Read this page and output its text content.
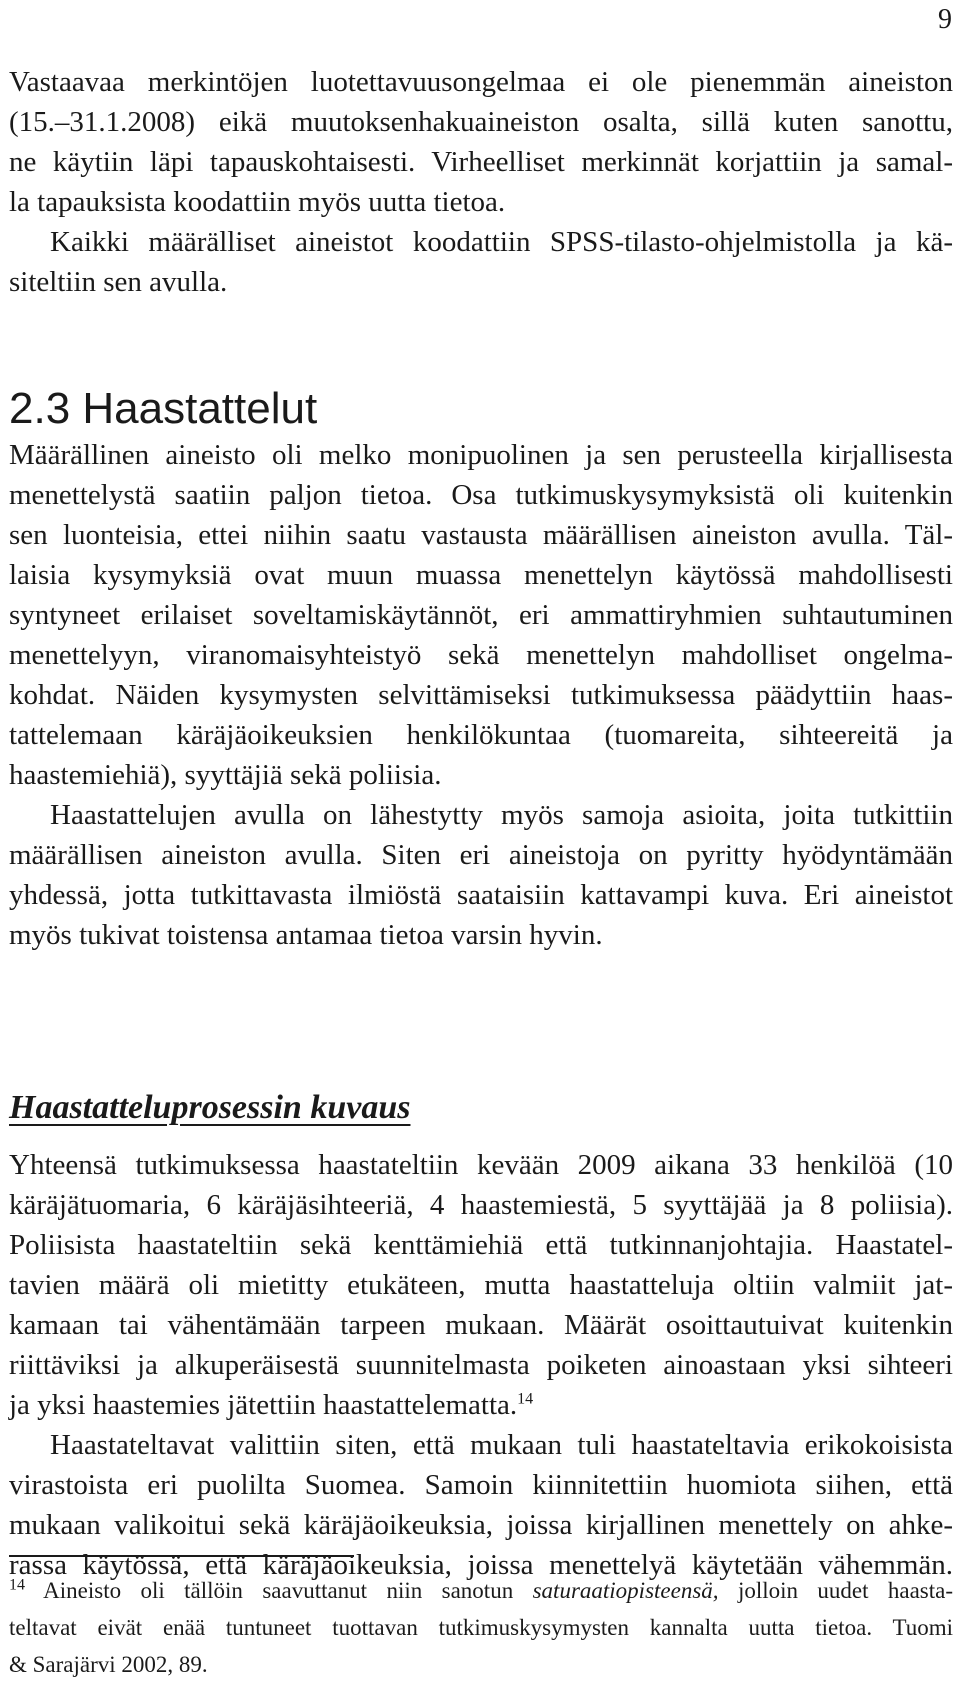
9
Vastaavaa merkintöjen luotettavuusongelmaa ei ole pienemmän aineiston
(15.–31.1.2008) eikä muutoksenhakuaineiston osalta, sillä kuten sanottu,
ne käytiin läpi tapauskohtaisesti. Virheelliset merkinnät korjattiin ja samal-
la tapauksista koodattiin myös uutta tietoa.
Kaikki määrälliset aineistot koodattiin SPSS-tilasto-ohjelmistolla ja kä-
siteltiin sen avulla.
2.3 Haastattelut
Määrällinen aineisto oli melko monipuolinen ja sen perusteella kirjallisesta
menettelystä saatiin paljon tietoa. Osa tutkimuskysymyksistä oli kuitenkin
sen luonteisia, ettei niihin saatu vastausta määrällisen aineiston avulla. Täl-
laisia kysymyksiä ovat muun muassa menettelyn käytössä mahdollisesti
syntyneet erilaiset soveltamiskäytännöt, eri ammattiryhmien suhtautuminen
menettelyyn, viranomaisyhteistyö sekä menettelyn mahdolliset ongelma-
kohdat. Näiden kysymysten selvittämiseksi tutkimuksessa päädyttiin haas-
tattelemaan käräjäoikeuksien henkilökuntaa (tuomareita, sihteereitä ja
haastemiehiä), syyttäjiä sekä poliisia.
Haastattelujen avulla on lähestytty myös samoja asioita, joita tutkittiin
määrällisen aineiston avulla. Siten eri aineistoja on pyritty hyödyntämään
yhdessä, jotta tutkittavasta ilmiöstä saataisiin kattavampi kuva. Eri aineistot
myös tukivat toistensa antamaa tietoa varsin hyvin.
Haastatteluprosessin kuvaus
Yhteensä tutkimuksessa haastateltiin kevään 2009 aikana 33 henkilöä (10
käräjätuomaria, 6 käräjäsihteeriä, 4 haastemiestä, 5 syyttäjää ja 8 poliisia).
Poliisista haastateltiin sekä kenttämiehiä että tutkinnanjohtajia. Haastatel-
tavien määrä oli mietitty etukäteen, mutta haastatteluja oltiin valmiit jat-
kamaan tai vähentämään tarpeen mukaan. Määrät osoittautuivat kuitenkin
riittäviksi ja alkuperäisestä suunnitelmasta poiketen ainoastaan yksi sihteeri
ja yksi haastemies jätettiin haastattelematta.$^{14}$
Haastateltavat valittiin siten, että mukaan tuli haastateltavia erikokoisista
virastoista eri puolilta Suomea. Samoin kiinnitettiin huomiota siihen, että
mukaan valikoitui sekä käräjäoikeuksia, joissa kirjallinen menettely on ahke-
rassa käytössä, että käräjäoikeuksia, joissa menettelyä käytetään vähemmän.
$^{14}$ Aineisto oli tällöin saavuttanut niin sanotun saturaatiopisteensä, jolloin uudet haasta-
teltavat eivät enää tuntuneet tuottavan tutkimuskysymysten kannalta uutta tietoa. Tuomi
& Sarajärvi 2002, 89.
